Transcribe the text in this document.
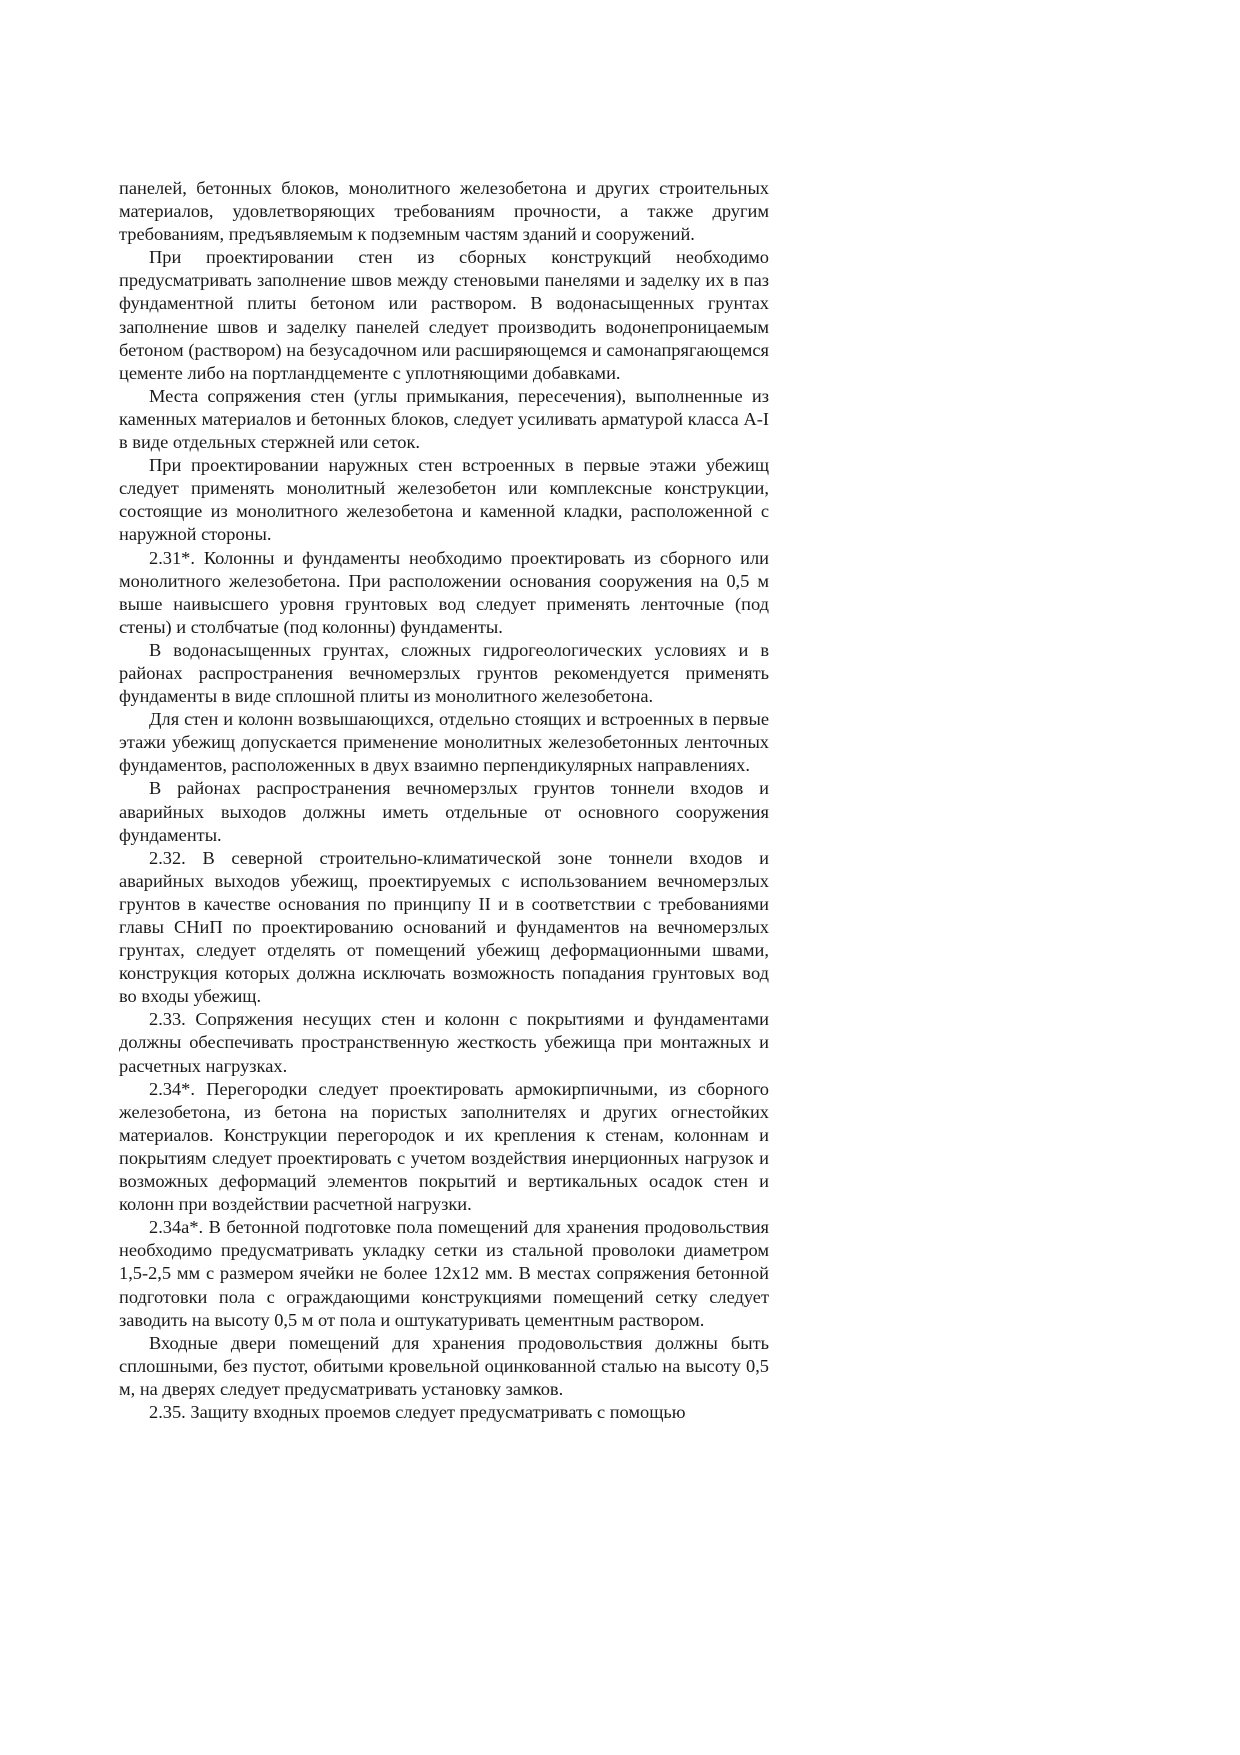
панелей, бетонных блоков, монолитного железобетона и других строительных материалов, удовлетворяющих требованиям прочности, а также другим требованиям, предъявляемым к подземным частям зданий и сооружений.

При проектировании стен из сборных конструкций необходимо предусматривать заполнение швов между стеновыми панелями и заделку их в паз фундаментной плиты бетоном или раствором. В водонасыщенных грунтах заполнение швов и заделку панелей следует производить водонепроницаемым бетоном (раствором) на безусадочном или расширяющемся и самонапрягающемся цементе либо на портландцементе с уплотняющими добавками.

Места сопряжения стен (углы примыкания, пересечения), выполненные из каменных материалов и бетонных блоков, следует усиливать арматурой класса А-I в виде отдельных стержней или сеток.

При проектировании наружных стен встроенных в первые этажи убежищ следует применять монолитный железобетон или комплексные конструкции, состоящие из монолитного железобетона и каменной кладки, расположенной с наружной стороны.

2.31*. Колонны и фундаменты необходимо проектировать из сборного или монолитного железобетона. При расположении основания сооружения на 0,5 м выше наивысшего уровня грунтовых вод следует применять ленточные (под стены) и столбчатые (под колонны) фундаменты.

В водонасыщенных грунтах, сложных гидрогеологических условиях и в районах распространения вечномерзлых грунтов рекомендуется применять фундаменты в виде сплошной плиты из монолитного железобетона.

Для стен и колонн возвышающихся, отдельно стоящих и встроенных в первые этажи убежищ допускается применение монолитных железобетонных ленточных фундаментов, расположенных в двух взаимно перпендикулярных направлениях.

В районах распространения вечномерзлых грунтов тоннели входов и аварийных выходов должны иметь отдельные от основного сооружения фундаменты.

2.32. В северной строительно-климатической зоне тоннели входов и аварийных выходов убежищ, проектируемых с использованием вечномерзлых грунтов в качестве основания по принципу II и в соответствии с требованиями главы СНиП по проектированию оснований и фундаментов на вечномерзлых грунтах, следует отделять от помещений убежищ деформационными швами, конструкция которых должна исключать возможность попадания грунтовых вод во входы убежищ.

2.33. Сопряжения несущих стен и колонн с покрытиями и фундаментами должны обеспечивать пространственную жесткость убежища при монтажных и расчетных нагрузках.

2.34*. Перегородки следует проектировать армокирпичными, из сборного железобетона, из бетона на пористых заполнителях и других огнестойких материалов. Конструкции перегородок и их крепления к стенам, колоннам и покрытиям следует проектировать с учетом воздействия инерционных нагрузок и возможных деформаций элементов покрытий и вертикальных осадок стен и колонн при воздействии расчетной нагрузки.

2.34а*. В бетонной подготовке пола помещений для хранения продовольствия необходимо предусматривать укладку сетки из стальной проволоки диаметром 1,5-2,5 мм с размером ячейки не более 12х12 мм. В местах сопряжения бетонной подготовки пола с ограждающими конструкциями помещений сетку следует заводить на высоту 0,5 м от пола и оштукатуривать цементным раствором.

Входные двери помещений для хранения продовольствия должны быть сплошными, без пустот, обитыми кровельной оцинкованной сталью на высоту 0,5 м, на дверях следует предусматривать установку замков.

2.35. Защиту входных проемов следует предусматривать с помощью
